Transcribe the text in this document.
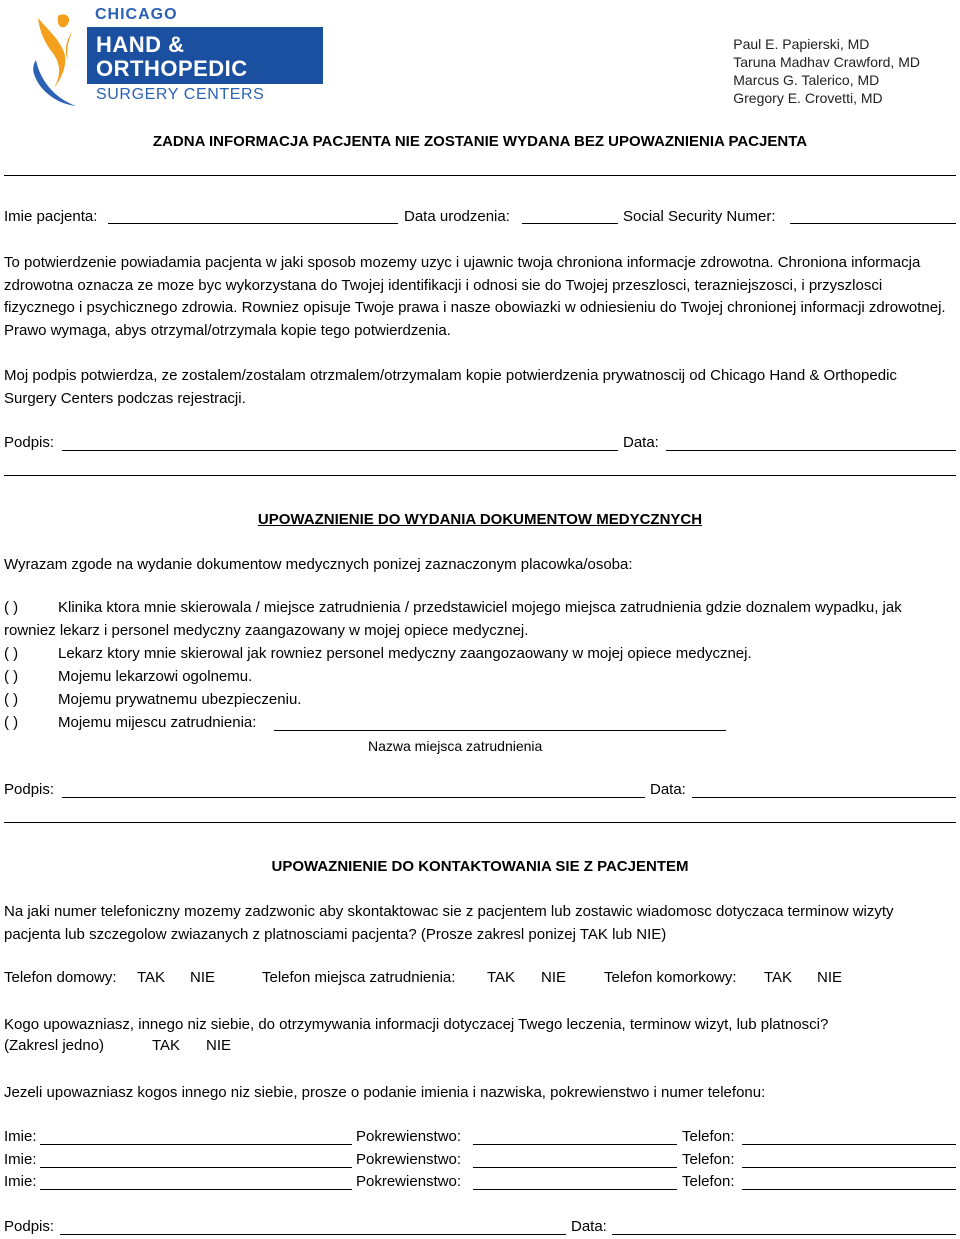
CHICAGO
HAND &
ORTHOPEDIC
SURGERY CENTERS
Paul E. Papierski, MD
Taruna Madhav Crawford, MD
Marcus G. Talerico, MD
Gregory E. Crovetti, MD
ZADNA INFORMACJA PACJENTA NIE ZOSTANIE WYDANA BEZ UPOWAZNIENIA PACJENTA
Imie pacjenta:	Data urodzenia:	Social Security Numer:
To potwierdzenie powiadamia pacjenta w jaki sposob mozemy uzyc i ujawnic twoja chroniona informacje zdrowotna. Chroniona informacja zdrowotna oznacza ze moze byc wykorzystana do Twojej identifikacji i odnosi sie do Twojej przeszlosci, terazniejszosci, i przyszlosci fizycznego i psychicznego zdrowia. Rowniez opisuje Twoje prawa i nasze obowiazki w odniesieniu do Twojej chronionej informacji zdrowotnej. Prawo wymaga, abys otrzymal/otrzymala kopie tego potwierdzenia.
Moj podpis potwierdza, ze zostalem/zostalam otrzmalem/otrzymalam kopie potwierdzenia prywatnoscij od Chicago Hand & Orthopedic Surgery Centers podczas rejestracji.
Podpis:	Data:
UPOWAZNIENIE DO WYDANIA DOKUMENTOW MEDYCZNYCH
Wyrazam zgode na wydanie dokumentow medycznych ponizej zaznaczonym placowka/osoba:
( )	Klinika ktora mnie skierowala / miejsce zatrudnienia / przedstawiciel mojego miejsca zatrudnienia gdzie doznalem wypadku, jak
rowniez lekarz i personel medyczny zaangazowany w mojej opiece medycznej.
( )	Lekarz ktory mnie skierowal jak rowniez personel medyczny zaangozaowany w mojej opiece medycznej.
( )	Mojemu lekarzowi ogolnemu.
( )	Mojemu prywatnemu ubezpieczeniu.
( )	Mojemu mijescu zatrudnienia:
Nazwa miejsca zatrudnienia
Podpis:	Data:
UPOWAZNIENIE DO KONTAKTOWANIA SIE Z PACJENTEM
Na jaki numer telefoniczny mozemy zadzwonic aby skontaktowac sie z pacjentem lub zostawic wiadomosc dotyczaca terminow wizyty pacjenta lub szczegolow zwiazanych z platnosciami pacjenta? (Prosze zakresl ponizej TAK lub NIE)
Telefon domowy: TAK NIE	Telefon miejsca zatrudnienia: TAK NIE	Telefon komorkowy: TAK NIE
Kogo upowazniasz, innego niz siebie, do otrzymywania informacji dotyczacej Twego leczenia, terminow wizyt, lub platnosci?
(Zakresl jedno)	TAK NIE
Jezeli upowazniasz kogos innego niz siebie, prosze o podanie imienia i nazwiska, pokrewienstwo i numer telefonu:
Imie:	Pokrewienstwo:	Telefon:
Imie:	Pokrewienstwo:	Telefon:
Imie:	Pokrewienstwo:	Telefon:
Podpis:	Data:
